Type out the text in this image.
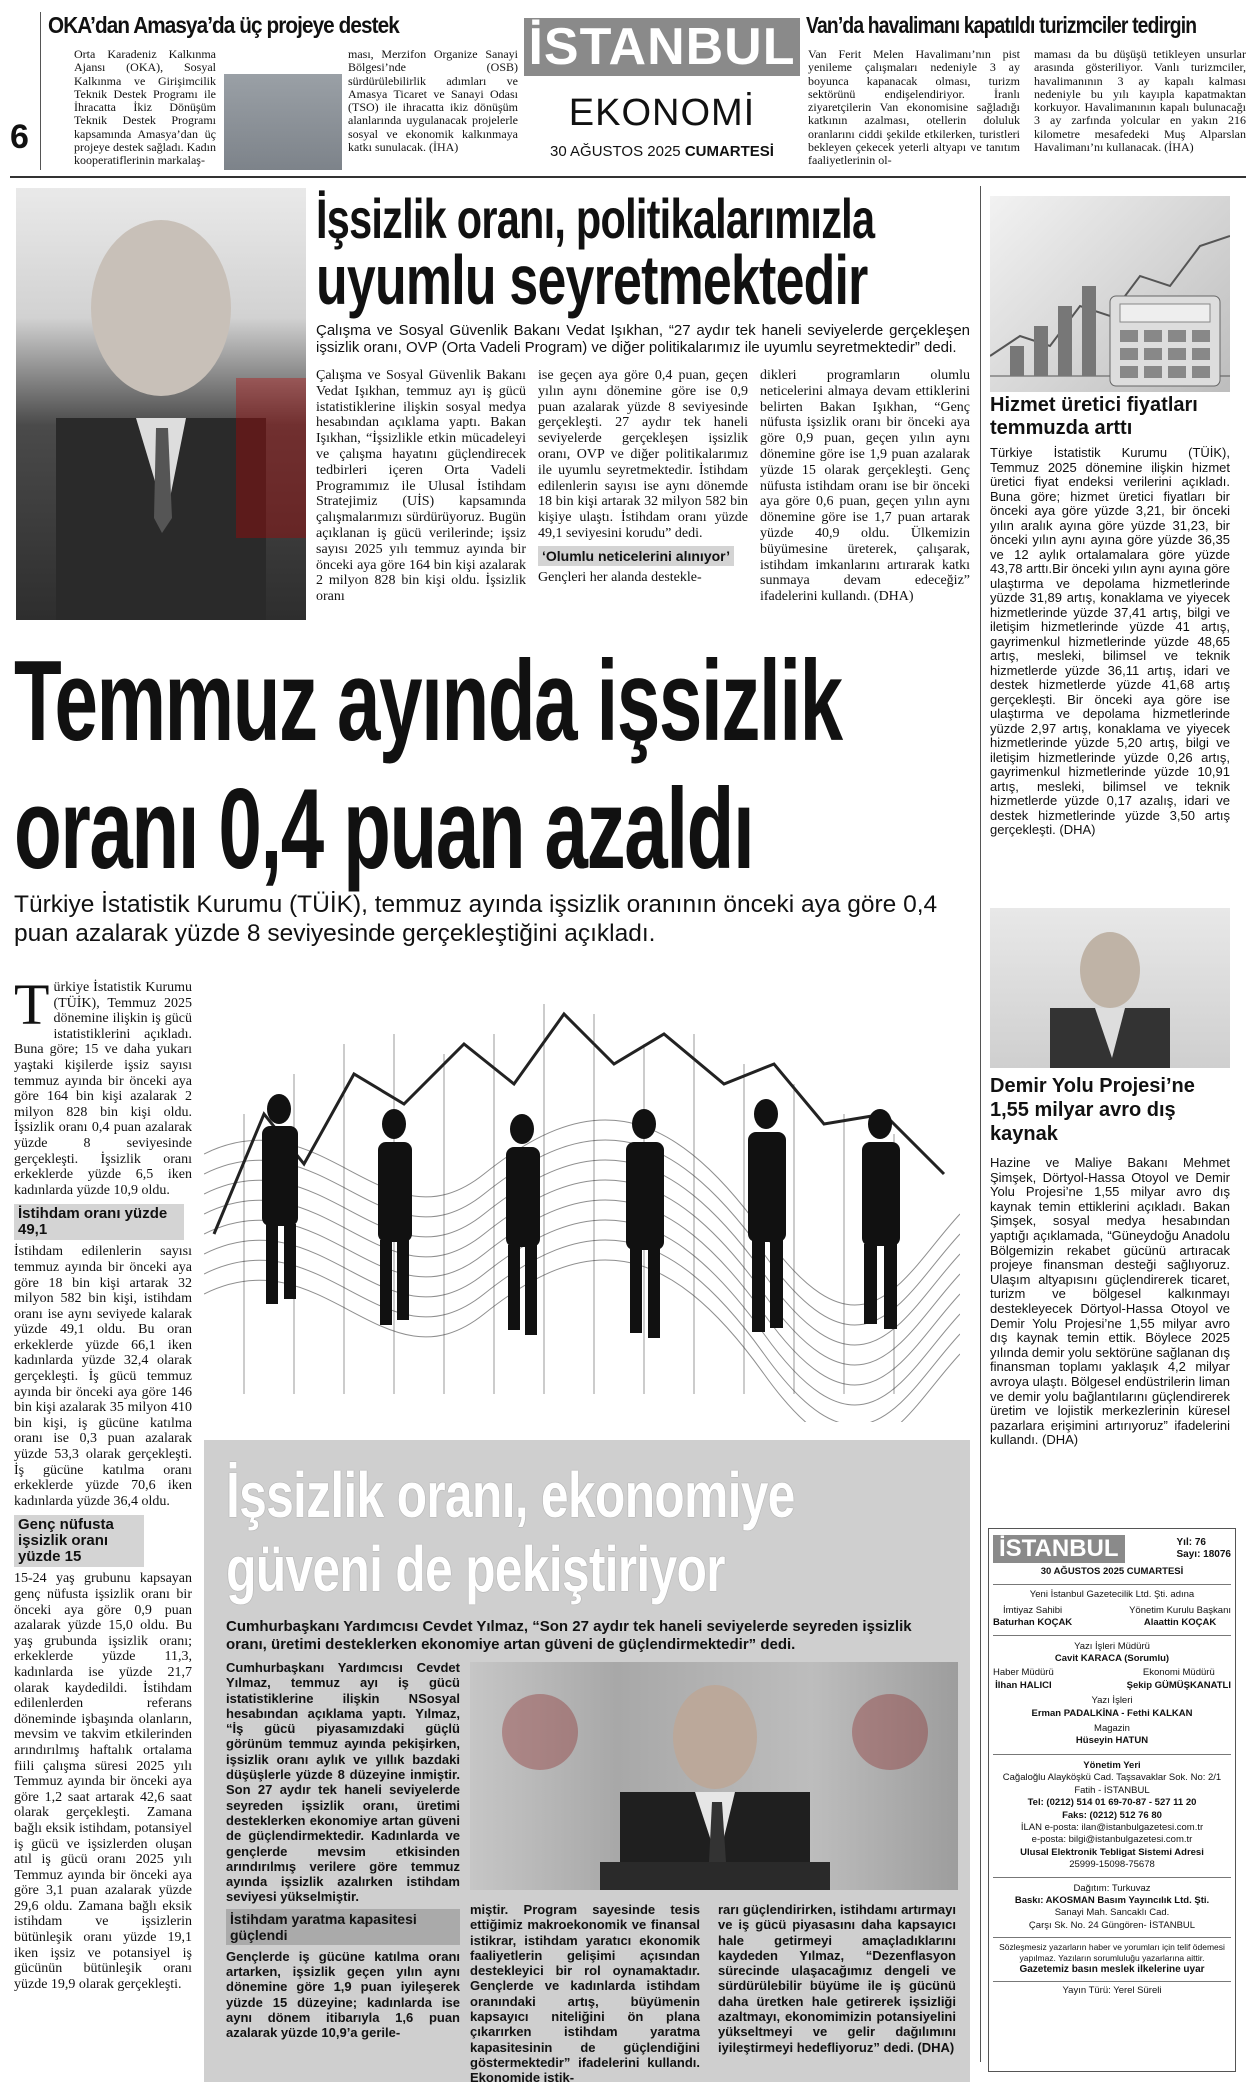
6
OKA’dan Amasya’da üç projeye destek
Orta Karadeniz Kalkınma Ajansı (OKA), Sosyal Kalkınma ve Girişimcilik Teknik Destek Programı ile İhracatta İkiz Dönüşüm Teknik Destek Programı kapsamında Amasya’dan üç projeye destek sağladı. Kadın kooperatiflerinin markalaş-
ması, Merzifon Organize Sanayi Bölgesi’nde (OSB) sürdürülebilirlik adımları ve Amasya Ticaret ve Sanayi Odası (TSO) ile ihracatta ikiz dönüşüm alanlarında uygulanacak projelerle sosyal ve ekonomik kalkınmaya katkı sunulacak. (İHA)
İSTANBUL
EKONOMİ
30 AĞUSTOS 2025 CUMARTESİ
Van’da havalimanı kapatıldı turizmciler tedirgin
Van Ferit Melen Havalimanı’nın pist yenileme çalışmaları nedeniyle 3 ay boyunca kapanacak olması, turizm sektörünü endişelendiriyor. İranlı ziyaretçilerin Van ekonomisine sağladığı katkının azalması, otellerin doluluk oranlarını ciddi şekilde etkilerken, turistleri bekleyen çekecek yeterli altyapı ve tanıtım faaliyetlerinin ol-
maması da bu düşüşü tetikleyen unsurlar arasında gösteriliyor. Vanlı turizmciler, havalimanının 3 ay kapalı kalması nedeniyle bu yılı kayıpla kapatmaktan korkuyor. Havalimanının kapalı bulunacağı 3 ay zarfında yolcular en yakın 216 kilometre mesafedeki Muş Alparslan Havalimanı’nı kullanacak. (İHA)
İşsizlik oranı, politikalarımızla
uyumlu seyretmektedir
Çalışma ve Sosyal Güvenlik Bakanı Vedat Işıkhan, “27 aydır tek haneli seviyelerde gerçekleşen işsizlik oranı, OVP (Orta Vadeli Program) ve diğer politikalarımız ile uyumlu seyretmektedir” dedi.
Çalışma ve Sosyal Güvenlik Bakanı Vedat Işıkhan, temmuz ayı iş gücü istatistiklerine ilişkin sosyal medya hesabından açıklama yaptı. Bakan Işıkhan, “İşsizlikle etkin mücadeleyi ve çalışma hayatını güçlendirecek tedbirleri içeren Orta Vadeli Programımız ile Ulusal İstihdam Stratejimiz (UİS) kapsamında çalışmalarımızı sürdürüyoruz. Bugün açıklanan iş gücü verilerinde; işsiz sayısı 2025 yılı temmuz ayında bir önceki aya göre 164 bin kişi azalarak 2 milyon 828 bin kişi oldu. İşsizlik oranı
ise geçen aya göre 0,4 puan, geçen yılın aynı dönemine göre ise 0,9 puan azalarak yüzde 8 seviyesinde gerçekleşti. 27 aydır tek haneli seviyelerde gerçekleşen işsizlik oranı, OVP ve diğer politikalarımız ile uyumlu seyretmektedir. İstihdam edilenlerin sayısı ise aynı dönemde 18 bin kişi artarak 32 milyon 582 bin kişiye ulaştı. İstihdam oranı yüzde 49,1 seviyesini korudu” dedi.
‘Olumlu neticelerini alınıyor’
Gençleri her alanda destekle-
dikleri programların olumlu neticelerini almaya devam ettiklerini belirten Bakan Işıkhan, “Genç nüfusta işsizlik oranı bir önceki aya göre 0,9 puan, geçen yılın aynı dönemine göre ise 1,9 puan azalarak yüzde 15 olarak gerçekleşti. Genç nüfusta istihdam oranı ise bir önceki aya göre 0,6 puan, geçen yılın aynı dönemine göre ise 1,7 puan artarak yüzde 40,9 oldu. Ülkemizin büyümesine üreterek, çalışarak, istihdam imkanlarını artırarak katkı sunmaya devam edeceğiz” ifadelerini kullandı. (DHA)
Temmuz ayında işsizlik
oranı 0,4 puan azaldı
Türkiye İstatistik Kurumu (TÜİK), temmuz ayında işsizlik oranının önceki aya göre 0,4 puan azalarak yüzde 8 seviyesinde gerçekleştiğini açıkladı.
Türkiye İstatistik Kurumu (TÜİK), Temmuz 2025 dönemine ilişkin iş gücü istatistiklerini açıkladı. Buna göre; 15 ve daha yukarı yaştaki kişilerde işsiz sayısı temmuz ayında bir önceki aya göre 164 bin kişi azalarak 2 milyon 828 bin kişi oldu. İşsizlik oranı 0,4 puan azalarak yüzde 8 seviyesinde gerçekleşti. İşsizlik oranı erkeklerde yüzde 6,5 iken kadınlarda yüzde 10,9 oldu.
İstihdam oranı yüzde 49,1
İstihdam edilenlerin sayısı temmuz ayında bir önceki aya göre 18 bin kişi artarak 32 milyon 582 bin kişi, istihdam oranı ise aynı seviyede kalarak yüzde 49,1 oldu. Bu oran erkeklerde yüzde 66,1 iken kadınlarda yüzde 32,4 olarak gerçekleşti. İş gücü temmuz ayında bir önceki aya göre 146 bin kişi azalarak 35 milyon 410 bin kişi, iş gücüne katılma oranı ise 0,3 puan azalarak yüzde 53,3 olarak gerçekleşti. İş gücüne katılma oranı erkeklerde yüzde 70,6 iken kadınlarda yüzde 36,4 oldu.
Genç nüfusta işsizlik oranı yüzde 15
15-24 yaş grubunu kapsayan genç nüfusta işsizlik oranı bir önceki aya göre 0,9 puan azalarak yüzde 15,0 oldu. Bu yaş grubunda işsizlik oranı; erkeklerde yüzde 11,3, kadınlarda ise yüzde 21,7 olarak kaydedildi. İstihdam edilenlerden referans döneminde işbaşında olanların, mevsim ve takvim etkilerinden arındırılmış haftalık ortalama fiili çalışma süresi 2025 yılı Temmuz ayında bir önceki aya göre 1,2 saat artarak 42,6 saat olarak gerçekleşti. Zamana bağlı eksik istihdam, potansiyel iş gücü ve işsizlerden oluşan atıl iş gücü oranı 2025 yılı Temmuz ayında bir önceki aya göre 3,1 puan azalarak yüzde 29,6 oldu. Zamana bağlı eksik istihdam ve işsizlerin bütünleşik oranı yüzde 19,1 iken işsiz ve potansiyel iş gücünün bütünleşik oranı yüzde 19,9 olarak gerçekleşti.
İşsizlik oranı, ekonomiye
güveni de pekiştiriyor
Cumhurbaşkanı Yardımcısı Cevdet Yılmaz, “Son 27 aydır tek haneli seviyelerde seyreden işsizlik oranı, üretimi desteklerken ekonomiye artan güveni de güçlendirmektedir” dedi.
Cumhurbaşkanı Yardımcısı Cevdet Yılmaz, temmuz ayı iş gücü istatistiklerine ilişkin NSosyal hesabından açıklama yaptı. Yılmaz, “İş gücü piyasamızdaki güçlü görünüm temmuz ayında pekişirken, işsizlik oranı aylık ve yıllık bazdaki düşüşlerle yüzde 8 düzeyine inmiştir. Son 27 aydır tek haneli seviyelerde seyreden işsizlik oranı, üretimi desteklerken ekonomiye artan güveni de güçlendirmektedir. Kadınlarda ve gençlerde mevsim etkisinden arındırılmış verilere göre temmuz ayında işsizlik azalırken istihdam seviyesi yükselmiştir.
İstihdam yaratma kapasitesi güçlendi
Gençlerde iş gücüne katılma oranı artarken, işsizlik geçen yılın aynı dönemine göre 1,9 puan iyileşerek yüzde 15 düzeyine; kadınlarda ise aynı dönem itibarıyla 1,6 puan azalarak yüzde 10,9’a gerile-
miştir. Program sayesinde tesis ettiğimiz makroekonomik ve finansal istikrar, istihdam yaratıcı ekonomik faaliyetlerin gelişimi açısından destekleyici bir rol oynamaktadır. Gençlerde ve kadınlarda istihdam oranındaki artış, büyümenin kapsayıcı niteliğini ön plana çıkarırken istihdam yaratma kapasitesinin de güçlendiğini göstermektedir” ifadelerini kullandı. Ekonomide istik-
rarı güçlendirirken, istihdamı artırmayı ve iş gücü piyasasını daha kapsayıcı hale getirmeyi amaçladıklarını kaydeden Yılmaz, “Dezenflasyon sürecinde ulaşacağımız dengeli ve sürdürülebilir büyüme ile iş gücünü daha üretken hale getirerek işsizliği azaltmayı, ekonomimizin potansiyelini yükseltmeyi ve gelir dağılımını iyileştirmeyi hedefliyoruz” dedi. (DHA)
Hizmet üretici fiyatları temmuzda arttı
Türkiye İstatistik Kurumu (TÜİK), Temmuz 2025 dönemine ilişkin hizmet üretici fiyat endeksi verilerini açıkladı. Buna göre; hizmet üretici fiyatları bir önceki aya göre yüzde 3,21, bir önceki yılın aralık ayına göre yüzde 31,23, bir önceki yılın aynı ayına göre yüzde 36,35 ve 12 aylık ortalamalara göre yüzde 43,78 arttı.Bir önceki yılın aynı ayına göre ulaştırma ve depolama hizmetlerinde yüzde 31,89 artış, konaklama ve yiyecek hizmetlerinde yüzde 37,41 artış, bilgi ve iletişim hizmetlerinde yüzde 41 artış, gayrimenkul hizmetlerinde yüzde 48,65 artış, mesleki, bilimsel ve teknik hizmetlerde yüzde 36,11 artış, idari ve destek hizmetlerde yüzde 41,68 artış gerçekleşti. Bir önceki aya göre ise ulaştırma ve depolama hizmetlerinde yüzde 2,97 artış, konaklama ve yiyecek hizmetlerinde yüzde 5,20 artış, bilgi ve iletişim hizmetlerinde yüzde 0,26 artış, gayrimenkul hizmetlerinde yüzde 10,91 artış, mesleki, bilimsel ve teknik hizmetlerde yüzde 0,17 azalış, idari ve destek hizmetlerinde yüzde 3,50 artış gerçekleşti. (DHA)
Demir Yolu Projesi’ne 1,55 milyar avro dış kaynak
Hazine ve Maliye Bakanı Mehmet Şimşek, Dörtyol-Hassa Otoyol ve Demir Yolu Projesi’ne 1,55 milyar avro dış kaynak temin ettiklerini açıkladı. Bakan Şimşek, sosyal medya hesabından yaptığı açıklamada, “Güneydoğu Anadolu Bölgemizin rekabet gücünü artıracak projeye finansman desteği sağlıyoruz. Ulaşım altyapısını güçlendirerek ticaret, turizm ve bölgesel kalkınmayı destekleyecek Dörtyol-Hassa Otoyol ve Demir Yolu Projesi’ne 1,55 milyar avro dış kaynak temin ettik. Böylece 2025 yılında demir yolu sektörüne sağlanan dış finansman toplamı yaklaşık 4,2 milyar avroya ulaştı. Bölgesel endüstrilerin liman ve demir yolu bağlantılarını güçlendirerek üretim ve lojistik merkezlerinin küresel pazarlara erişimini artırıyoruz” ifadelerini kullandı. (DHA)
İSTANBUL	Yıl: 76
Sayı: 18076
30 AĞUSTOS 2025 CUMARTESİ
Yeni İstanbul Gazetecilik Ltd. Şti. adına
İmtiyaz Sahibi
Baturhan KOÇAK
Yönetim Kurulu Başkanı
Alaattin KOÇAK
Yazı İşleri Müdürü
Cavit KARACA (Sorumlu)
Haber Müdürü
İlhan HALICI
Ekonomi Müdürü
Şekip GÜMÜŞKANATLI
Yazı İşleri
Erman PADALKİNA - Fethi KALKAN
Magazin
Hüseyin HATUN
Yönetim Yeri
Cağaloğlu Alayköşkü Cad. Taşsavaklar Sok. No: 2/1
Fatih - İSTANBUL
Tel: (0212) 514 01 69-70-87 - 527 11 20
Faks: (0212) 512 76 80
İLAN e-posta: ilan@istanbulgazetesi.com.tr
e-posta: bilgi@istanbulgazetesi.com.tr
Ulusal Elektronik Tebligat Sistemi Adresi
25999-15098-75678
Dağıtım: Turkuvaz
Baskı: AKOSMAN Basım Yayıncılık Ltd. Şti.
Sanayi Mah. Sancaklı Cad.
Çarşı Sk. No. 24 Güngören- İSTANBUL
Sözleşmesiz yazarların haber ve yorumları için telif ödemesi yapılmaz. Yazıların sorumluluğu yazarlarına aittir.
Gazetemiz basın meslek ilkelerine uyar
Yayın Türü: Yerel Süreli
